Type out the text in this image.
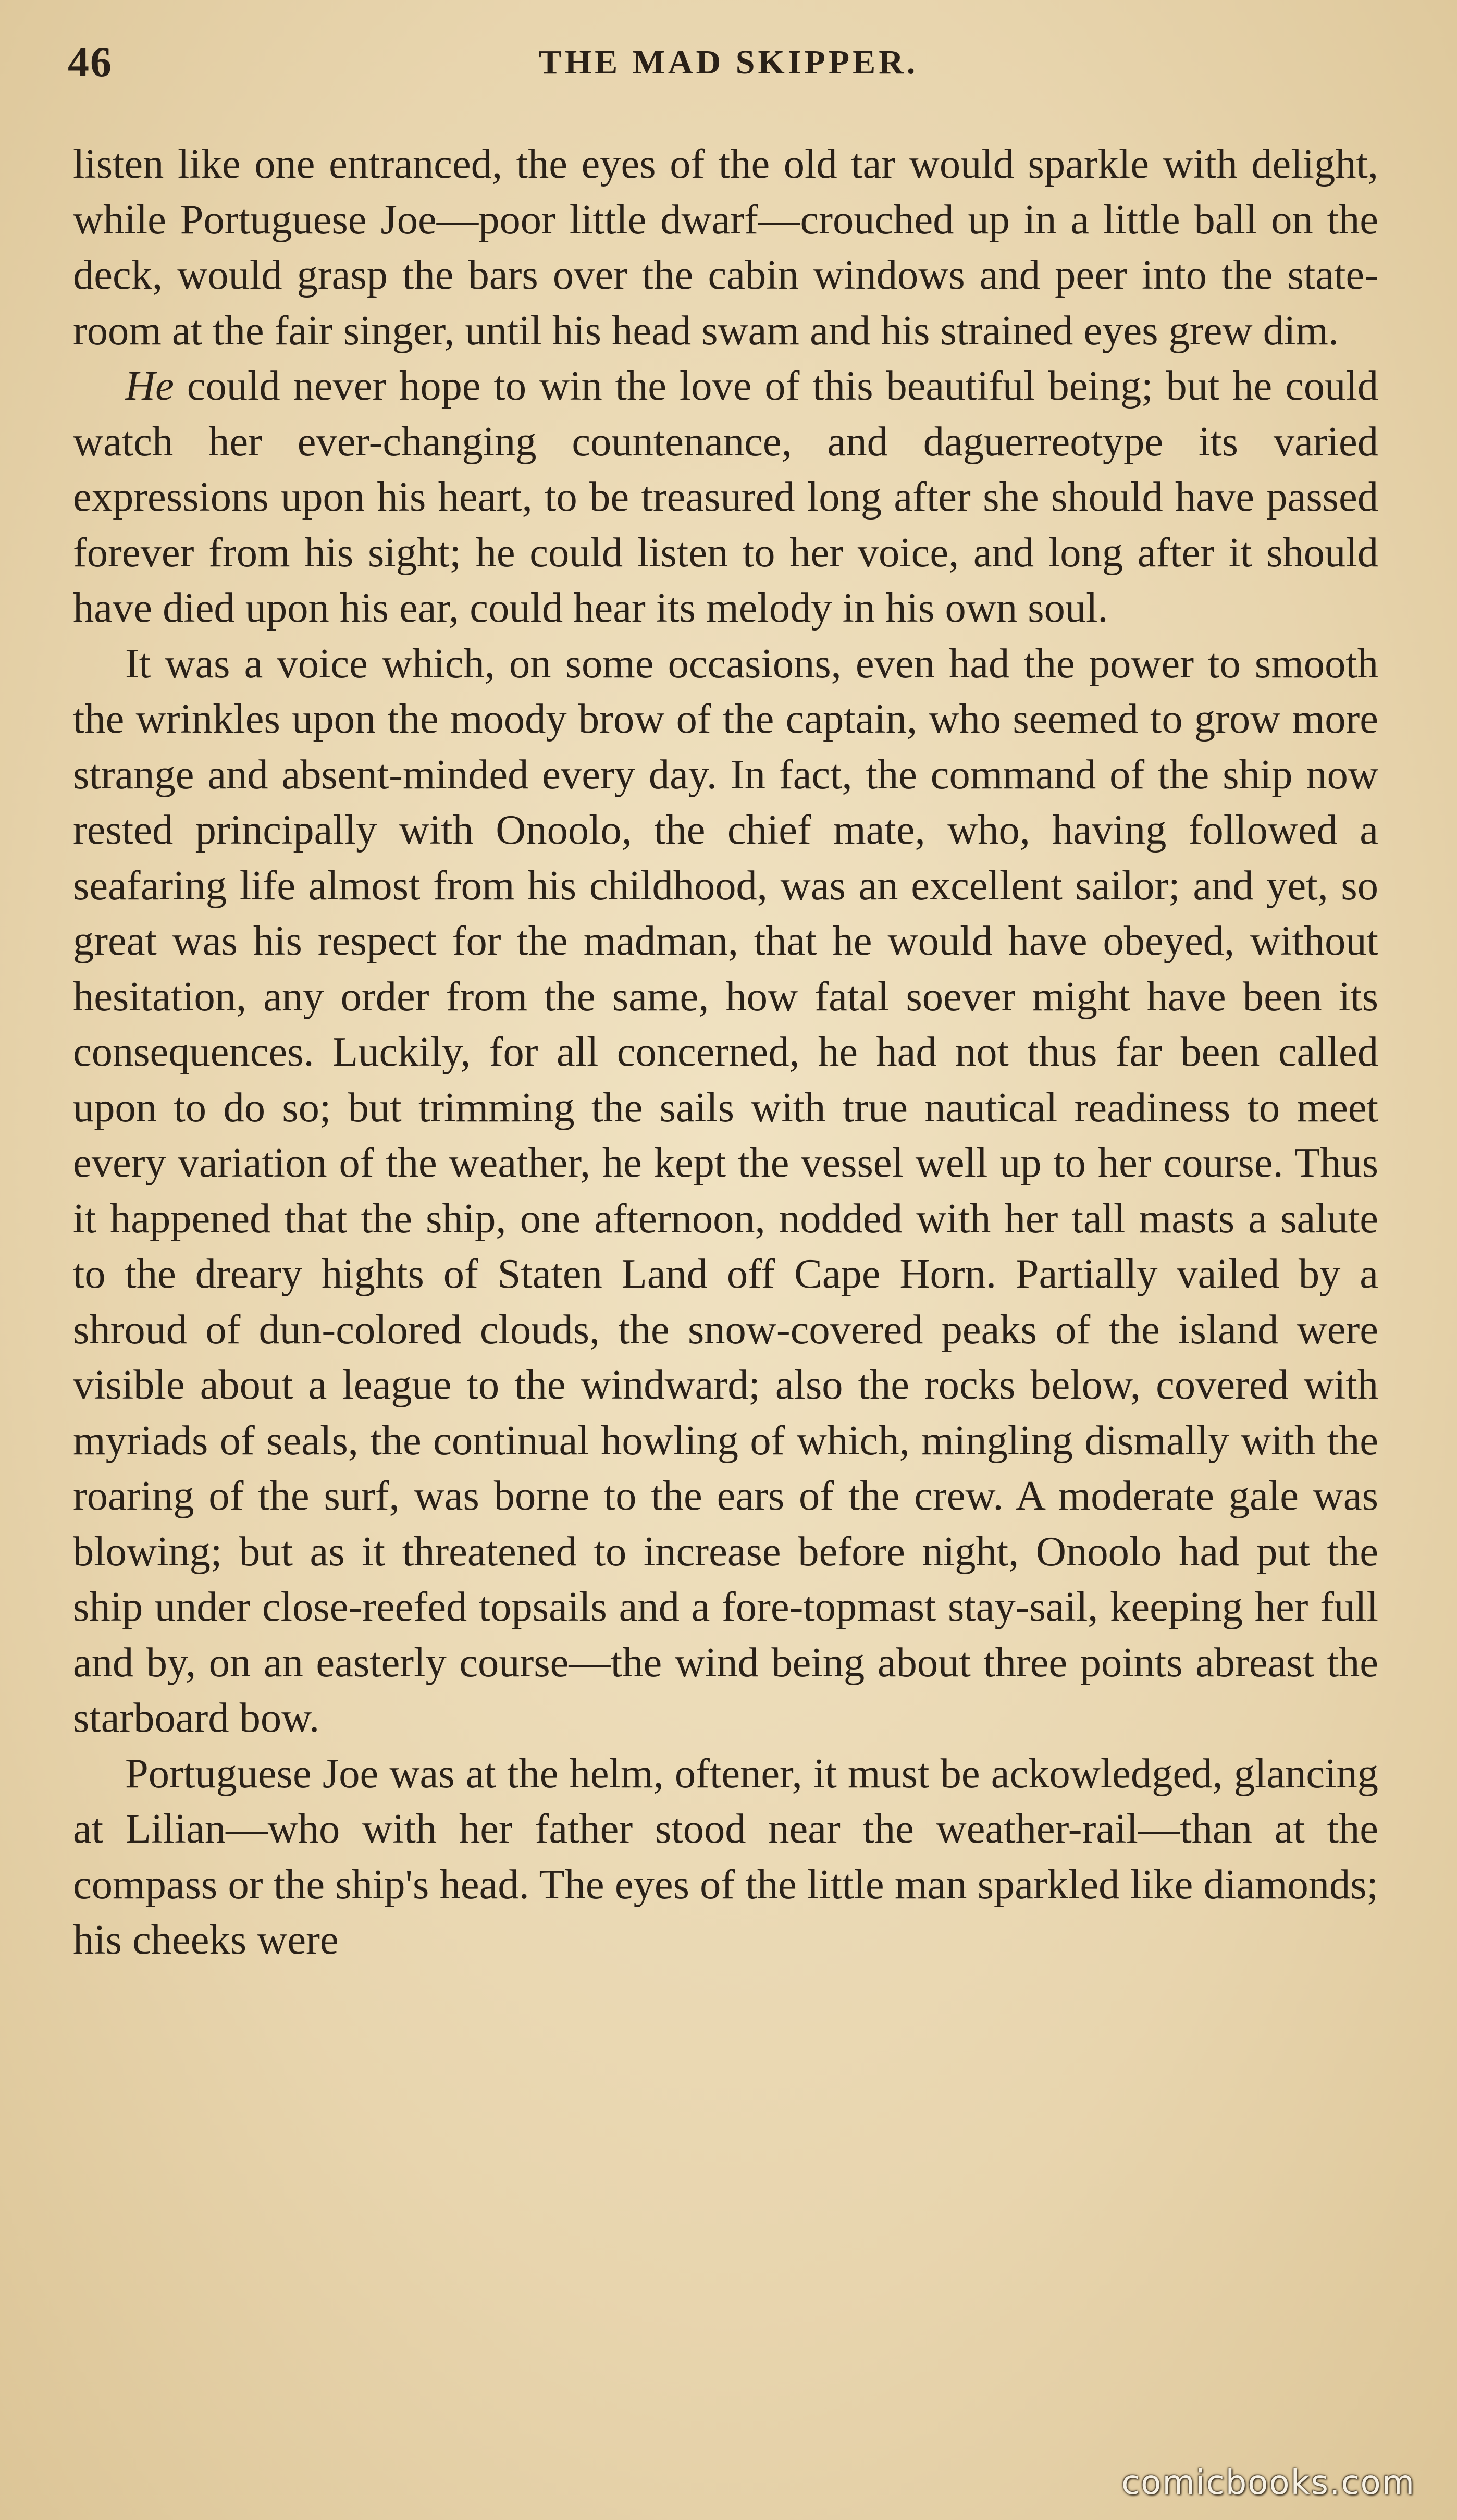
46	THE MAD SKIPPER.

listen like one entranced, the eyes of the old tar would sparkle with delight, while Portuguese Joe—poor little dwarf—crouched up in a little ball on the deck, would grasp the bars over the cabin windows and peer into the state-room at the fair singer, until his head swam and his strained eyes grew dim.

He could never hope to win the love of this beautiful being; but he could watch her ever-changing countenance, and daguerreotype its varied expressions upon his heart, to be treasured long after she should have passed forever from his sight; he could listen to her voice, and long after it should have died upon his ear, could hear its melody in his own soul.

It was a voice which, on some occasions, even had the power to smooth the wrinkles upon the moody brow of the captain, who seemed to grow more strange and absent-minded every day. In fact, the command of the ship now rested principally with Onoolo, the chief mate, who, having followed a seafaring life almost from his childhood, was an excellent sailor; and yet, so great was his respect for the madman, that he would have obeyed, without hesitation, any order from the same, how fatal soever might have been its consequences. Luckily, for all concerned, he had not thus far been called upon to do so; but trimming the sails with true nautical readiness to meet every variation of the weather, he kept the vessel well up to her course. Thus it happened that the ship, one afternoon, nodded with her tall masts a salute to the dreary hights of Staten Land off Cape Horn. Partially vailed by a shroud of dun-colored clouds, the snow-covered peaks of the island were visible about a league to the windward; also the rocks below, covered with myriads of seals, the continual howling of which, mingling dismally with the roaring of the surf, was borne to the ears of the crew. A moderate gale was blowing; but as it threatened to increase before night, Onoolo had put the ship under close-reefed topsails and a fore-topmast stay-sail, keeping her full and by, on an easterly course—the wind being about three points abreast the starboard bow.

Portuguese Joe was at the helm, oftener, it must be ackowledged, glancing at Lilian—who with her father stood near the weather-rail—than at the compass or the ship's head. The eyes of the little man sparkled like diamonds; his cheeks were

comicbooks.com
